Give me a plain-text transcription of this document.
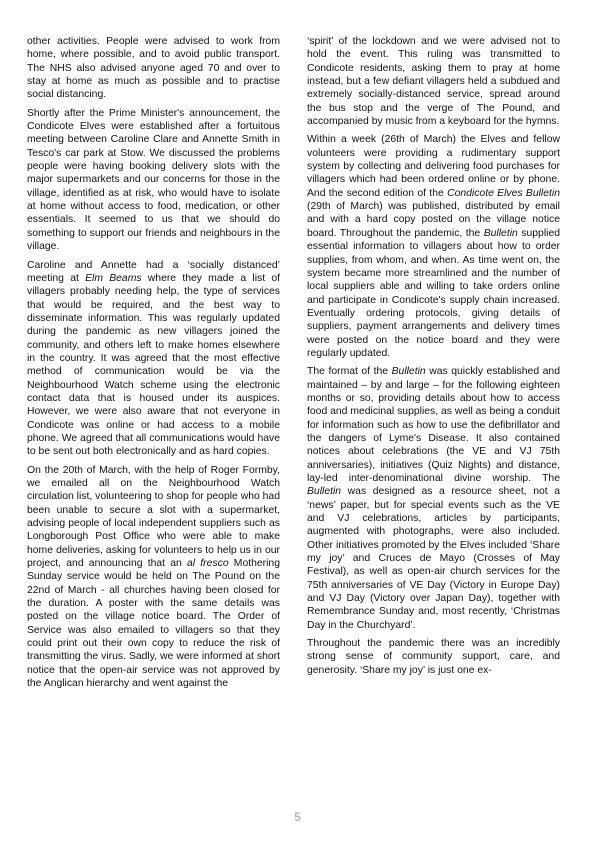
other activities. People were advised to work from home, where possible, and to avoid public transport. The NHS also advised anyone aged 70 and over to stay at home as much as possible and to practise social distancing.

Shortly after the Prime Minister's announcement, the Condicote Elves were established after a fortuitous meeting between Caroline Clare and Annette Smith in Tesco's car park at Stow. We discussed the problems people were having booking delivery slots with the major supermarkets and our concerns for those in the village, identified as at risk, who would have to isolate at home without access to food, medication, or other essentials. It seemed to us that we should do something to support our friends and neighbours in the village.

Caroline and Annette had a ‘socially distanced’ meeting at Elm Beams where they made a list of villagers probably needing help, the type of services that would be required, and the best way to disseminate information. This was regularly updated during the pandemic as new villagers joined the community, and others left to make homes elsewhere in the country. It was agreed that the most effective method of communication would be via the Neighbourhood Watch scheme using the electronic contact data that is housed under its auspices. However, we were also aware that not everyone in Condicote was online or had access to a mobile phone. We agreed that all communications would have to be sent out both electronically and as hard copies.

On the 20th of March, with the help of Roger Formby, we emailed all on the Neighbourhood Watch circulation list, volunteering to shop for people who had been unable to secure a slot with a supermarket, advising people of local independent suppliers such as Longborough Post Office who were able to make home deliveries, asking for volunteers to help us in our project, and announcing that an al fresco Mothering Sunday service would be held on The Pound on the 22nd of March - all churches having been closed for the duration. A poster with the same details was posted on the village notice board. The Order of Service was also emailed to villagers so that they could print out their own copy to reduce the risk of transmitting the virus. Sadly, we were informed at short notice that the open-air service was not approved by the Anglican hierarchy and went against the

‘spirit’ of the lockdown and we were advised not to hold the event. This ruling was transmitted to Condicote residents, asking them to pray at home instead, but a few defiant villagers held a subdued and extremely socially-distanced service, spread around the bus stop and the verge of The Pound, and accompanied by music from a keyboard for the hymns.

Within a week (26th of March) the Elves and fellow volunteers were providing a rudimentary support system by collecting and delivering food purchases for villagers which had been ordered online or by phone. And the second edition of the Condicote Elves Bulletin (29th of March) was published, distributed by email and with a hard copy posted on the village notice board. Throughout the pandemic, the Bulletin supplied essential information to villagers about how to order supplies, from whom, and when. As time went on, the system became more streamlined and the number of local suppliers able and willing to take orders online and participate in Condicote's supply chain increased. Eventually ordering protocols, giving details of suppliers, payment arrangements and delivery times were posted on the notice board and they were regularly updated.

The format of the Bulletin was quickly established and maintained – by and large – for the following eighteen months or so, providing details about how to access food and medicinal supplies, as well as being a conduit for information such as how to use the defibrillator and the dangers of Lyme's Disease. It also contained notices about celebrations (the VE and VJ 75th anniversaries), initiatives (Quiz Nights) and distance, lay-led inter-denominational divine worship. The Bulletin was designed as a resource sheet, not a ‘news’ paper, but for special events such as the VE and VJ celebrations, articles by participants, augmented with photographs, were also included. Other initiatives promoted by the Elves included ‘Share my joy’ and Cruces de Mayo (Crosses of May Festival), as well as open-air church services for the 75th anniversaries of VE Day (Victory in Europe Day) and VJ Day (Victory over Japan Day), together with Remembrance Sunday and, most recently, ‘Christmas Day in the Churchyard’.

Throughout the pandemic there was an incredibly strong sense of community support, care, and generosity. ‘Share my joy’ is just one ex-

5
